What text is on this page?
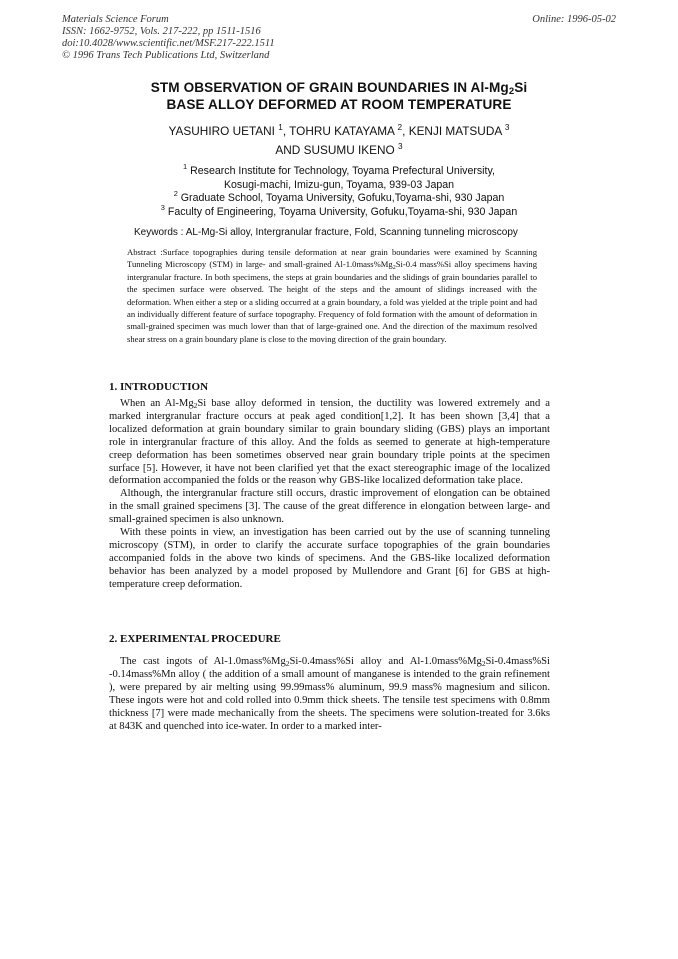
Materials Science Forum
ISSN: 1662-9752, Vols. 217-222, pp 1511-1516
doi:10.4028/www.scientific.net/MSF.217-222.1511
© 1996 Trans Tech Publications Ltd, Switzerland
Online: 1996-05-02
STM OBSERVATION OF GRAIN BOUNDARIES IN $Al-Mg_2Si$
BASE ALLOY DEFORMED AT ROOM TEMPERATURE
YASUHIRO UETANI $^1$, TOHRU KATAYAMA $^2$, KENJI MATSUDA $^3$
AND SUSUMU IKENO $^3$
$^1$ Research Institute for Technology, Toyama Prefectural University,
Kosugi-machi, Imizu-gun, Toyama, 939-03 Japan
$^2$ Graduate School, Toyama University, Gofuku,Toyama-shi, 930 Japan
$^3$ Faculty of Engineering, Toyama University, Gofuku,Toyama-shi, 930 Japan
Keywords : AL-Mg-Si alloy, Intergranular fracture, Fold, Scanning tunneling microscopy

Abstract :Surface topographies during tensile deformation at near grain boundaries were examined by Scanning Tunneling Microscopy (STM) in large- and small-grained $Al-1.0mass\%Mg_2Si-0.4$ mass%Si alloy specimens having intergranular fracture. In both specimens, the steps at grain boundaries and the slidings of grain boundaries parallel to the specimen surface were observed. The height of the steps and the amount of slidings increased with the deformation. When either a step or a sliding occurred at a grain boundary, a fold was yielded at the triple point and had an individually different feature of surface topography. Frequency of fold formation with the amount of deformation in small-grained specimen was much lower than that of large-grained one. And the direction of the maximum resolved shear stress on a grain boundary plane is close to the moving direction of the grain boundary.

1. INTRODUCTION

When an $Al-Mg_2Si$ base alloy deformed in tension, the ductility was lowered extremely and a marked intergranular fracture occurs at peak aged condition[1,2]. It has been shown [3,4] that a localized deformation at grain boundary similar to grain boundary sliding (GBS) plays an important role in intergranular fracture of this alloy. And the folds as seemed to generate at high-temperature creep deformation has been sometimes observed near grain boundary triple points at the specimen surface [5]. However, it have not been clarified yet that the exact stereographic image of the localized deformation accompanied the folds or the reason why GBS-like localized deformation take place.

Although, the intergranular fracture still occurs, drastic improvement of elongation can be obtained in the small grained specimens [3]. The cause of the great difference in elongation between large- and small-grained specimen is also unknown.

With these points in view, an investigation has been carried out by the use of scanning tunneling microscopy (STM), in order to clarify the accurate surface topographies of the grain boundaries accompanied folds in the above two kinds of specimens. And the GBS-like localized deformation behavior has been analyzed by a model proposed by Mullendore and Grant [6] for GBS at high-temperature creep deformation.

2. EXPERIMENTAL PROCEDURE

The cast ingots of $Al-1.0mass\%Mg_2Si-0.4mass\%Si$ alloy and $Al-1.0mass\%Mg_2Si-0.4mass\%Si$ -0.14mass%Mn alloy ( the addition of a small amount of manganese is intended to the grain refinement ), were prepared by air melting using 99.99mass% aluminum, 99.9 mass% magnesium and silicon. These ingots were hot and cold rolled into 0.9mm thick sheets. The tensile test specimens with 0.8mm thickness [7] were made mechanically from the sheets. The specimens were solution-treated for 3.6ks at 843K and quenched into ice-water. In order to a marked inter-
